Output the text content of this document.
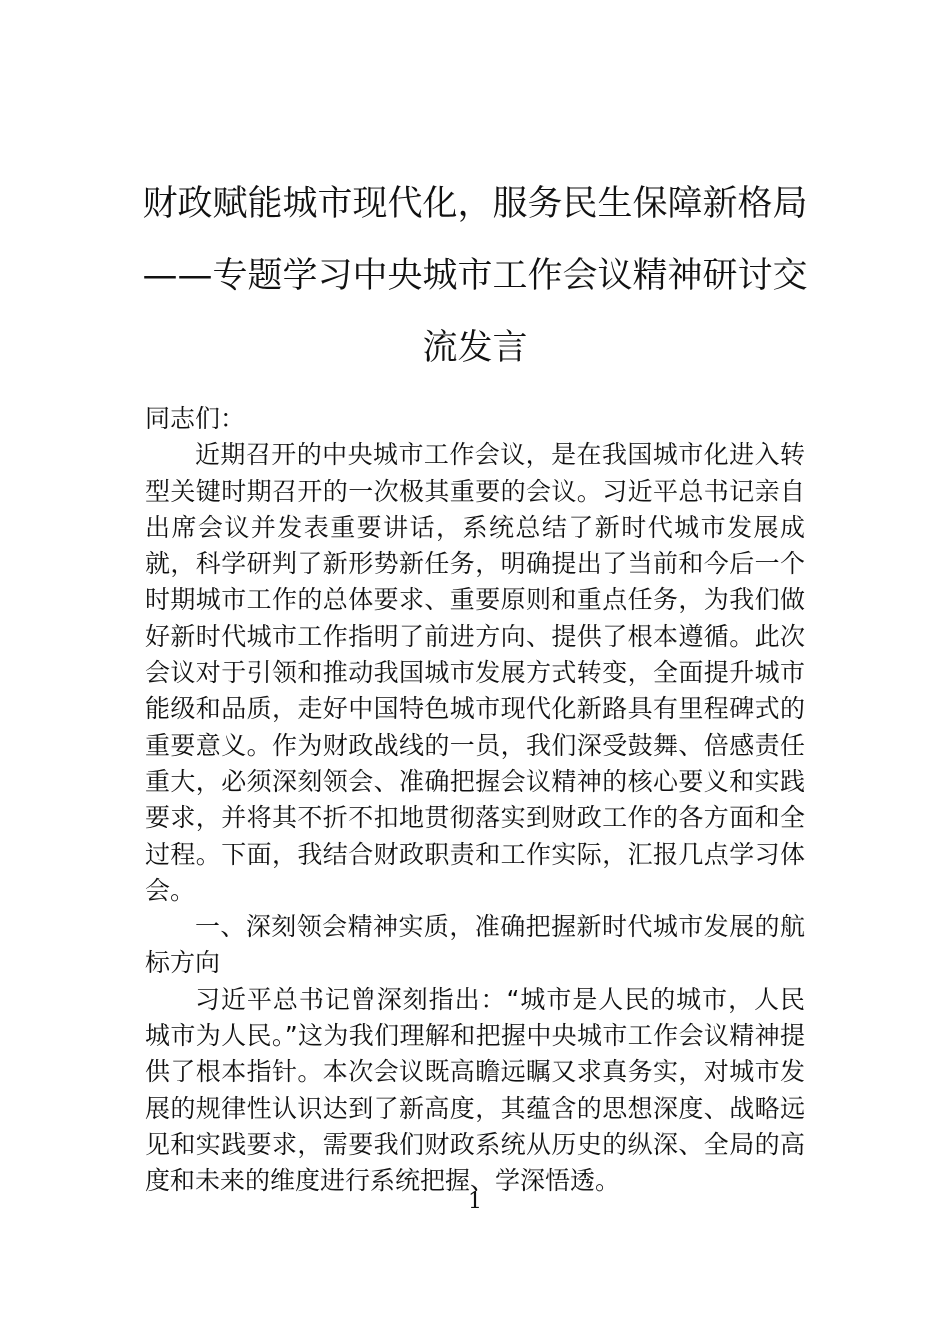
财政赋能城市现代化，服务民生保障新格局——专题学习中央城市工作会议精神研讨交流发言

同志们：

近期召开的中央城市工作会议，是在我国城市化进入转型关键时期召开的一次极其重要的会议。习近平总书记亲自出席会议并发表重要讲话，系统总结了新时代城市发展成就，科学研判了新形势新任务，明确提出了当前和今后一个时期城市工作的总体要求、重要原则和重点任务，为我们做好新时代城市工作指明了前进方向、提供了根本遵循。此次会议对于引领和推动我国城市发展方式转变，全面提升城市能级和品质，走好中国特色城市现代化新路具有里程碑式的重要意义。作为财政战线的一员，我们深受鼓舞、倍感责任重大，必须深刻领会、准确把握会议精神的核心要义和实践要求，并将其不折不扣地贯彻落实到财政工作的各方面和全过程。下面，我结合财政职责和工作实际，汇报几点学习体会。

一、深刻领会精神实质，准确把握新时代城市发展的航标方向

习近平总书记曾深刻指出：“城市是人民的城市，人民城市为人民。”这为我们理解和把握中央城市工作会议精神提供了根本指针。本次会议既高瞻远瞩又求真务实，对城市发展的规律性认识达到了新高度，其蕴含的思想深度、战略远见和实践要求，需要我们财政系统从历史的纵深、全局的高度和未来的维度进行系统把握、学深悟透。

1
